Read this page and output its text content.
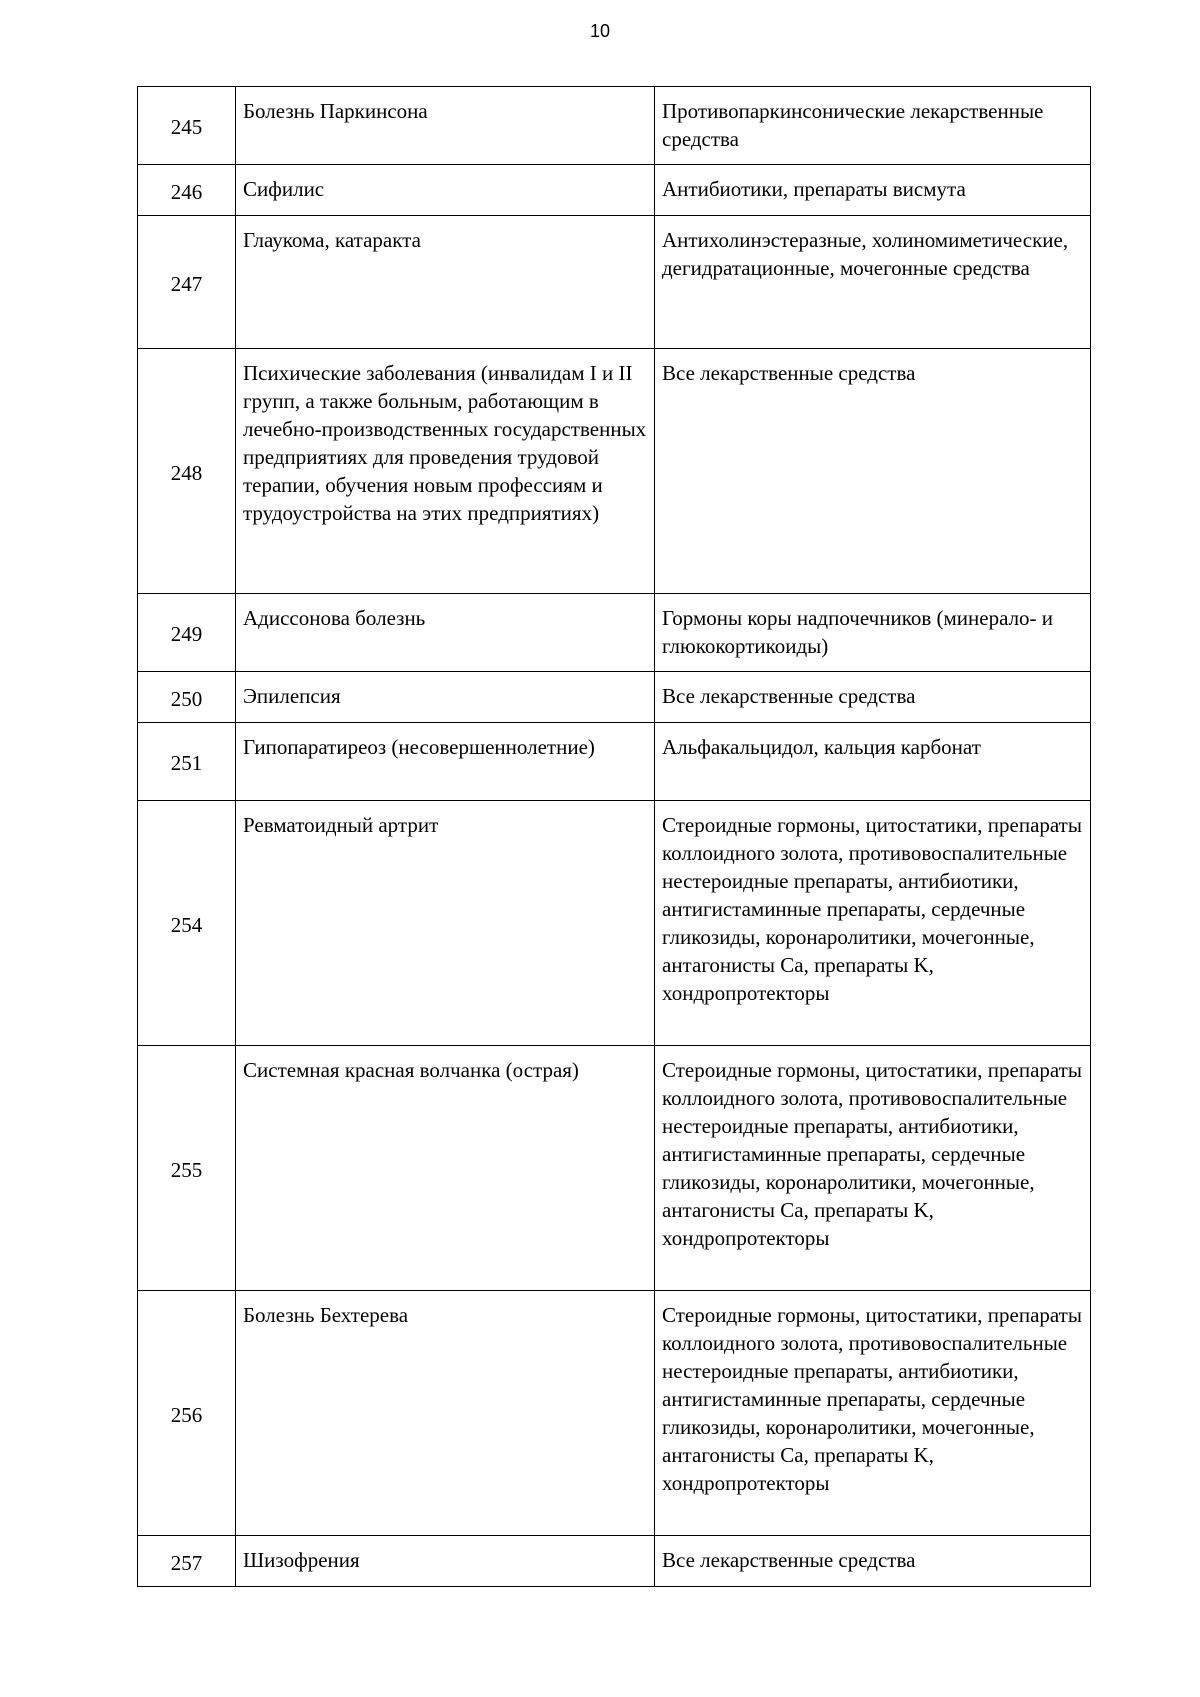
10
245	Болезнь Паркинсона	Противопаркинсонические лекарственные средства
246	Сифилис	Антибиотики, препараты висмута
247	Глаукома, катаракта	Антихолинэстеразные, холиномиметические, дегидратационные, мочегонные средства
248	Психические заболевания (инвалидам I и II групп, а также больным, работающим в лечебно-производственных государственных предприятиях для проведения трудовой терапии, обучения новым профессиям и трудоустройства на этих предприятиях)	Все лекарственные средства
249	Адиссонова болезнь	Гормоны коры надпочечников (минерало- и глюкокортикоиды)
250	Эпилепсия	Все лекарственные средства
251	Гипопаратиреоз (несовершеннолетние)	Альфакальцидол, кальция карбонат
254	Ревматоидный артрит	Стероидные гормоны, цитостатики, препараты коллоидного золота, противовоспалительные нестероидные препараты, антибиотики, антигистаминные препараты, сердечные гликозиды, коронаролитики, мочегонные, антагонисты Са, препараты K, хондропротекторы
255	Системная красная волчанка (острая)	Стероидные гормоны, цитостатики, препараты коллоидного золота, противовоспалительные нестероидные препараты, антибиотики, антигистаминные препараты, сердечные гликозиды, коронаролитики, мочегонные, антагонисты Са, препараты K, хондропротекторы
256	Болезнь Бехтерева	Стероидные гормоны, цитостатики, препараты коллоидного золота, противовоспалительные нестероидные препараты, антибиотики, антигистаминные препараты, сердечные гликозиды, коронаролитики, мочегонные, антагонисты Са, препараты K, хондропротекторы
257	Шизофрения	Все лекарственные средства
